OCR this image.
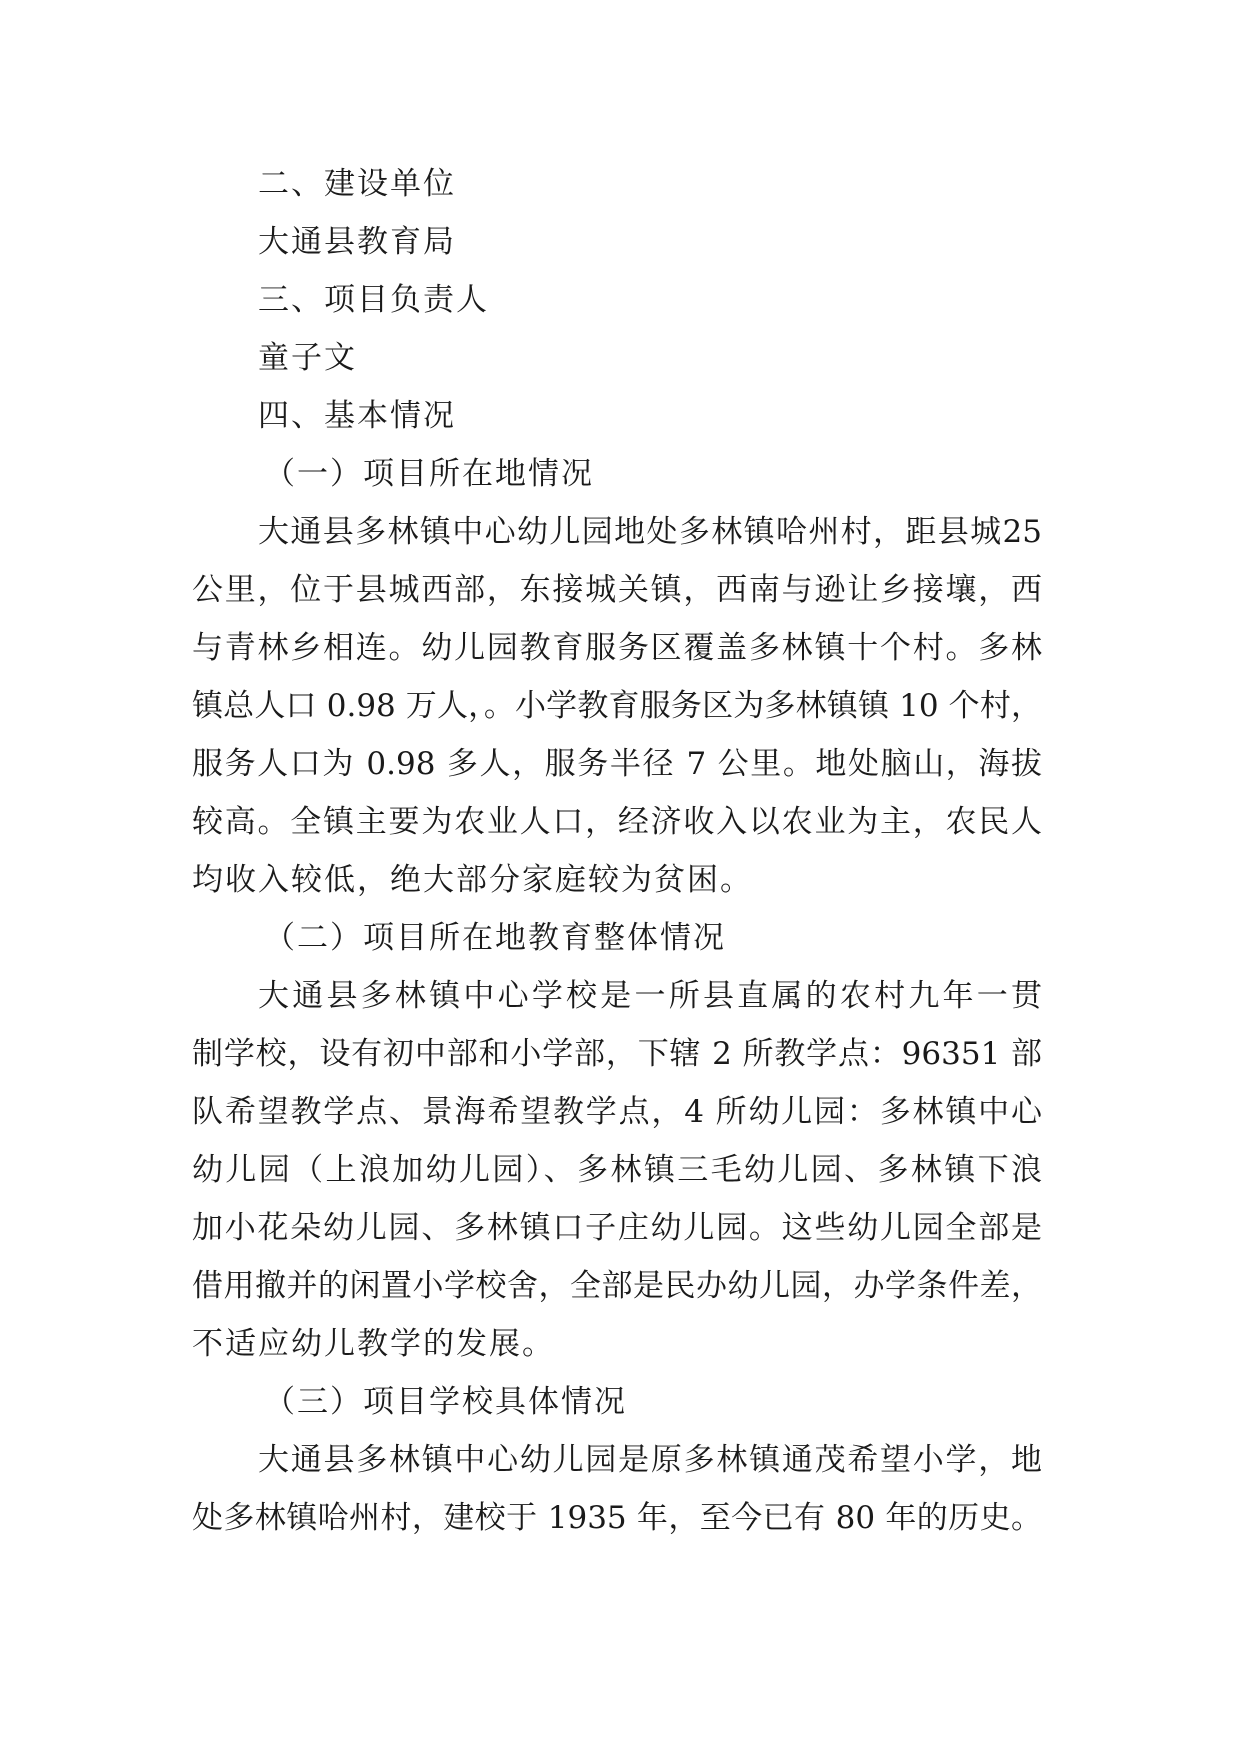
二、建设单位

大通县教育局

三、项目负责人

童子文

四、基本情况

（一）项目所在地情况

大通县多林镇中心幼儿园地处多林镇哈州村，距县城25

公里，位于县城西部，东接城关镇，西南与逊让乡接壤，西

与青林乡相连。幼儿园教育服务区覆盖多林镇十个村。多林

镇总人口 0.98 万人，。小学教育服务区为多林镇镇 10 个村，

服务人口为 0.98 多人，服务半径 7 公里。地处脑山，海拔

较高。全镇主要为农业人口，经济收入以农业为主，农民人

均收入较低，绝大部分家庭较为贫困。

（二）项目所在地教育整体情况

大通县多林镇中心学校是一所县直属的农村九年一贯

制学校，设有初中部和小学部，下辖 2 所教学点：96351 部

队希望教学点、景海希望教学点，4 所幼儿园：多林镇中心

幼儿园（上浪加幼儿园）、多林镇三毛幼儿园、多林镇下浪

加小花朵幼儿园、多林镇口子庄幼儿园。这些幼儿园全部是

借用撤并的闲置小学校舍，全部是民办幼儿园，办学条件差，

不适应幼儿教学的发展。

（三）项目学校具体情况

大通县多林镇中心幼儿园是原多林镇通茂希望小学，地

处多林镇哈州村，建校于 1935 年，至今已有 80 年的历史。
